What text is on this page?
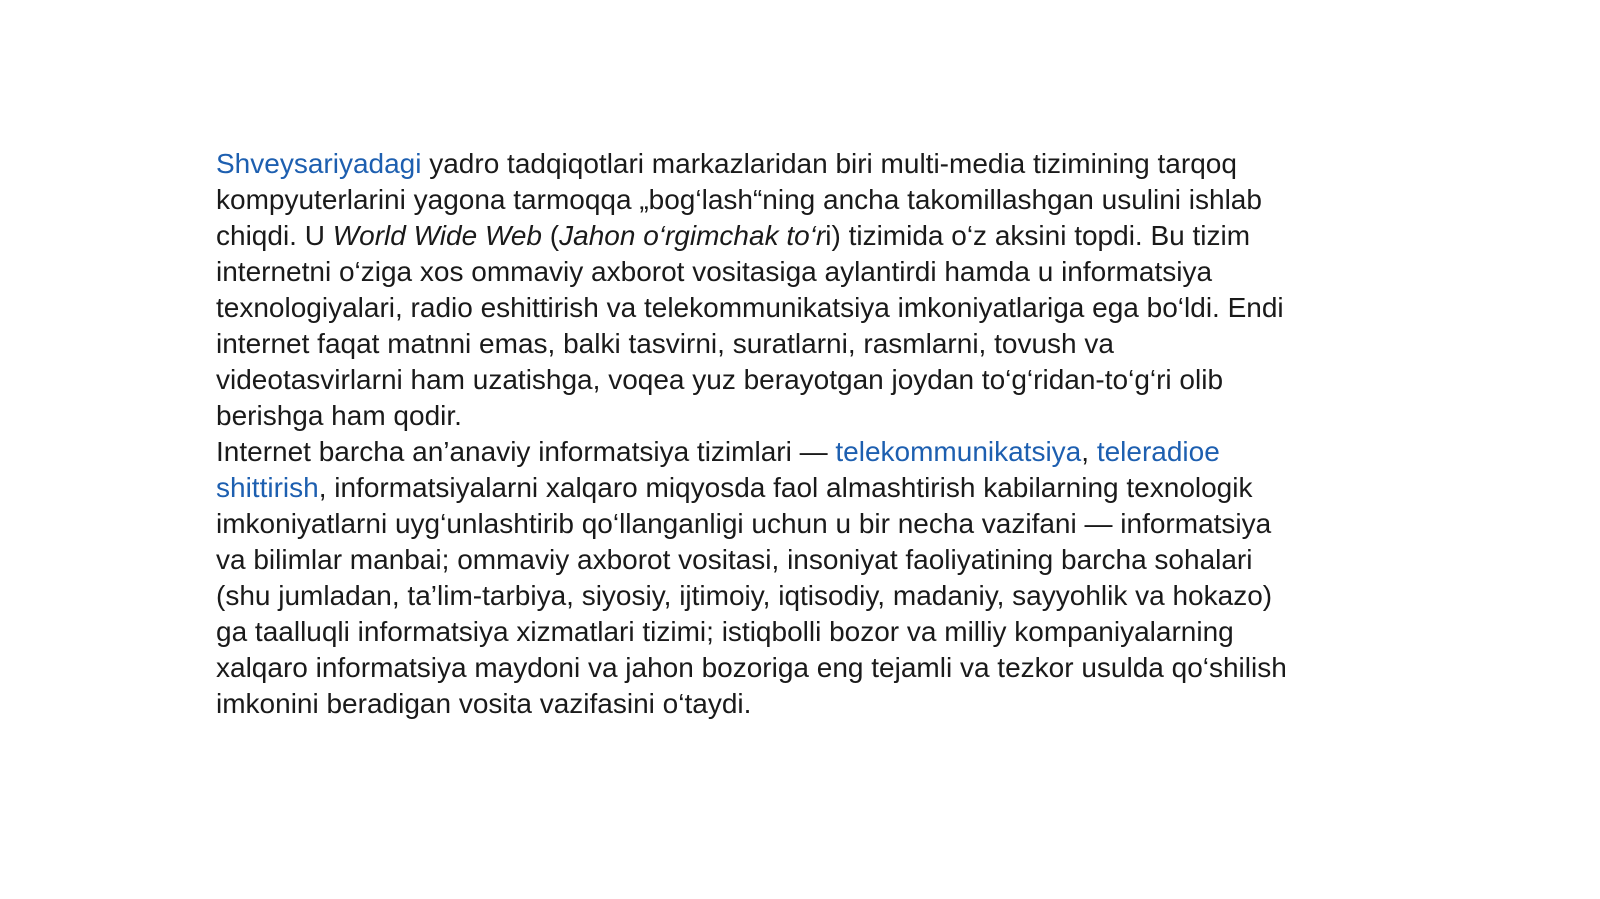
Shveysariyadagi yadro tadqiqotlari markazlaridan biri multi-media tizimining tarqoq kompyuterlarini yagona tarmoqqa „bog‘lash“ning ancha takomillashgan usulini ishlab chiqdi. U World Wide Web (Jahon o‘rgimchak to‘ri) tizimida o‘z aksini topdi. Bu tizim internetni o‘ziga xos ommaviy axborot vositasiga aylantirdi hamda u informatsiya texnologiyalari, radio eshittirish va telekommunikatsiya imkoniyatlariga ega bo‘ldi. Endi internet faqat matnni emas, balki tasvirni, suratlarni, rasmlarni, tovush va videotasvirlarni ham uzatishga, voqea yuz berayotgan joydan to‘g‘ridan-to‘g‘ri olib berishga ham qodir.

Internet barcha an’anaviy informatsiya tizimlari — telekommunikatsiya, teleradioe shittirish, informatsiyalarni xalqaro miqyosda faol almashtirish kabilarning texnologik imkoniyatlarni uyg‘unlashtirib qo‘llanganligi uchun u bir necha vazifani — informatsiya va bilimlar manbai; ommaviy axborot vositasi, insoniyat faoliyatining barcha sohalari (shu jumladan, ta’lim-tarbiya, siyosiy, ijtimoiy, iqtisodiy, madaniy, sayyohlik va hokazo) ga taalluqli informatsiya xizmatlari tizimi; istiqbolli bozor va milliy kompaniyalarning xalqaro informatsiya maydoni va jahon bozoriga eng tejamli va tezkor usulda qo‘shilish imkonini beradigan vosita vazifasini o‘taydi.
